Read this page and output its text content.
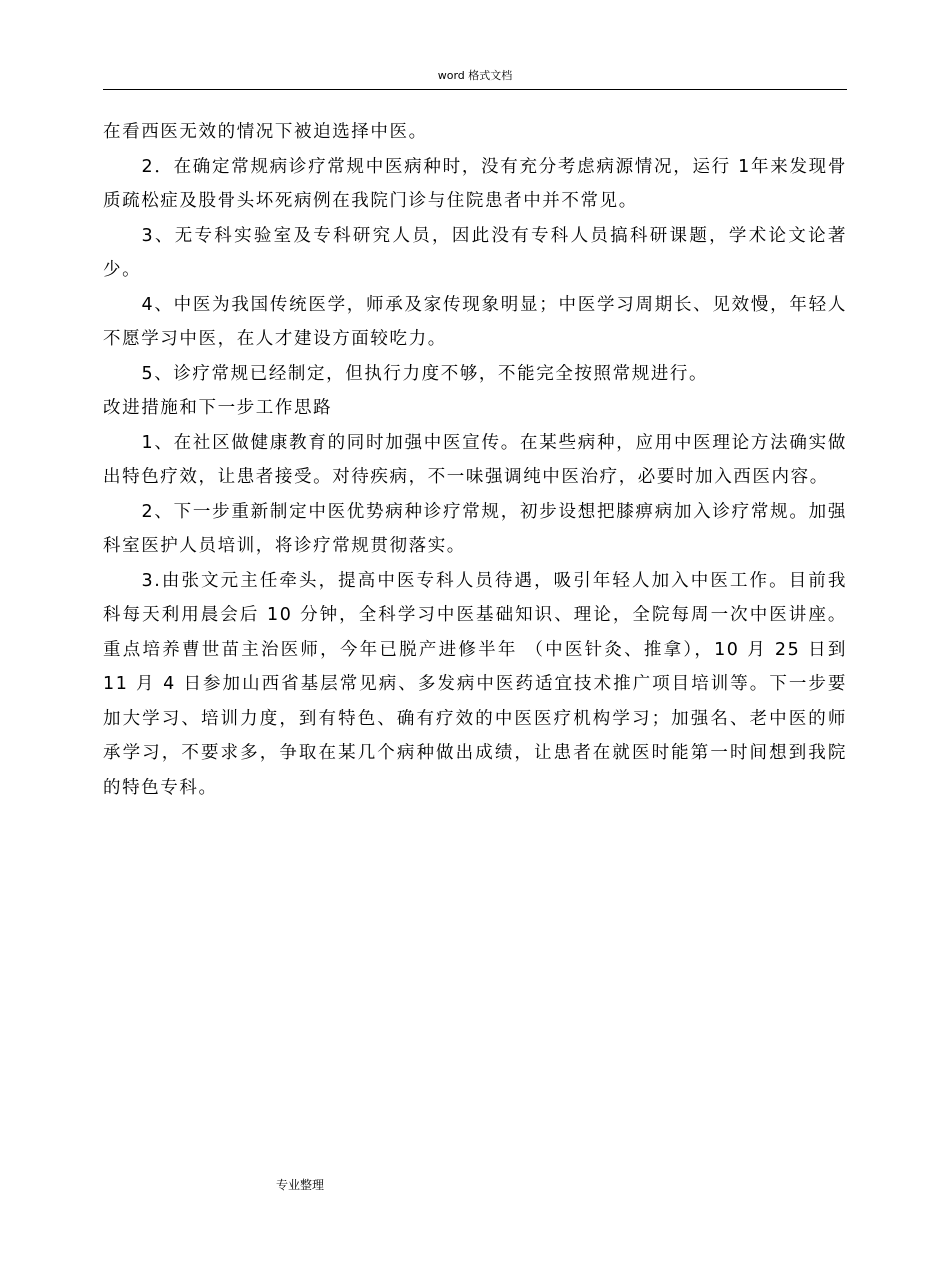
word 格式文档

在看西医无效的情况下被迫选择中医。

2．在确定常规病诊疗常规中医病种时，没有充分考虑病源情况，运行 1年来发现骨质疏松症及股骨头坏死病例在我院门诊与住院患者中并不常见。

3、无专科实验室及专科研究人员，因此没有专科人员搞科研课题，学术论文论著少。

4、中医为我国传统医学，师承及家传现象明显；中医学习周期长、见效慢，年轻人不愿学习中医，在人才建设方面较吃力。

5、诊疗常规已经制定，但执行力度不够，不能完全按照常规进行。

改进措施和下一步工作思路

1、在社区做健康教育的同时加强中医宣传。在某些病种，应用中医理论方法确实做出特色疗效，让患者接受。对待疾病，不一味强调纯中医治疗，必要时加入西医内容。

2、下一步重新制定中医优势病种诊疗常规，初步设想把膝痹病加入诊疗常规。加强科室医护人员培训，将诊疗常规贯彻落实。

3.由张文元主任牵头，提高中医专科人员待遇，吸引年轻人加入中医工作。目前我科每天利用晨会后 10 分钟，全科学习中医基础知识、理论，全院每周一次中医讲座。重点培养曹世苗主治医师，今年已脱产进修半年 （中医针灸、推拿），10 月 25 日到 11 月 4 日参加山西省基层常见病、多发病中医药适宜技术推广项目培训等。下一步要加大学习、培训力度，到有特色、确有疗效的中医医疗机构学习；加强名、老中医的师承学习，不要求多，争取在某几个病种做出成绩，让患者在就医时能第一时间想到我院的特色专科。

专业整理
